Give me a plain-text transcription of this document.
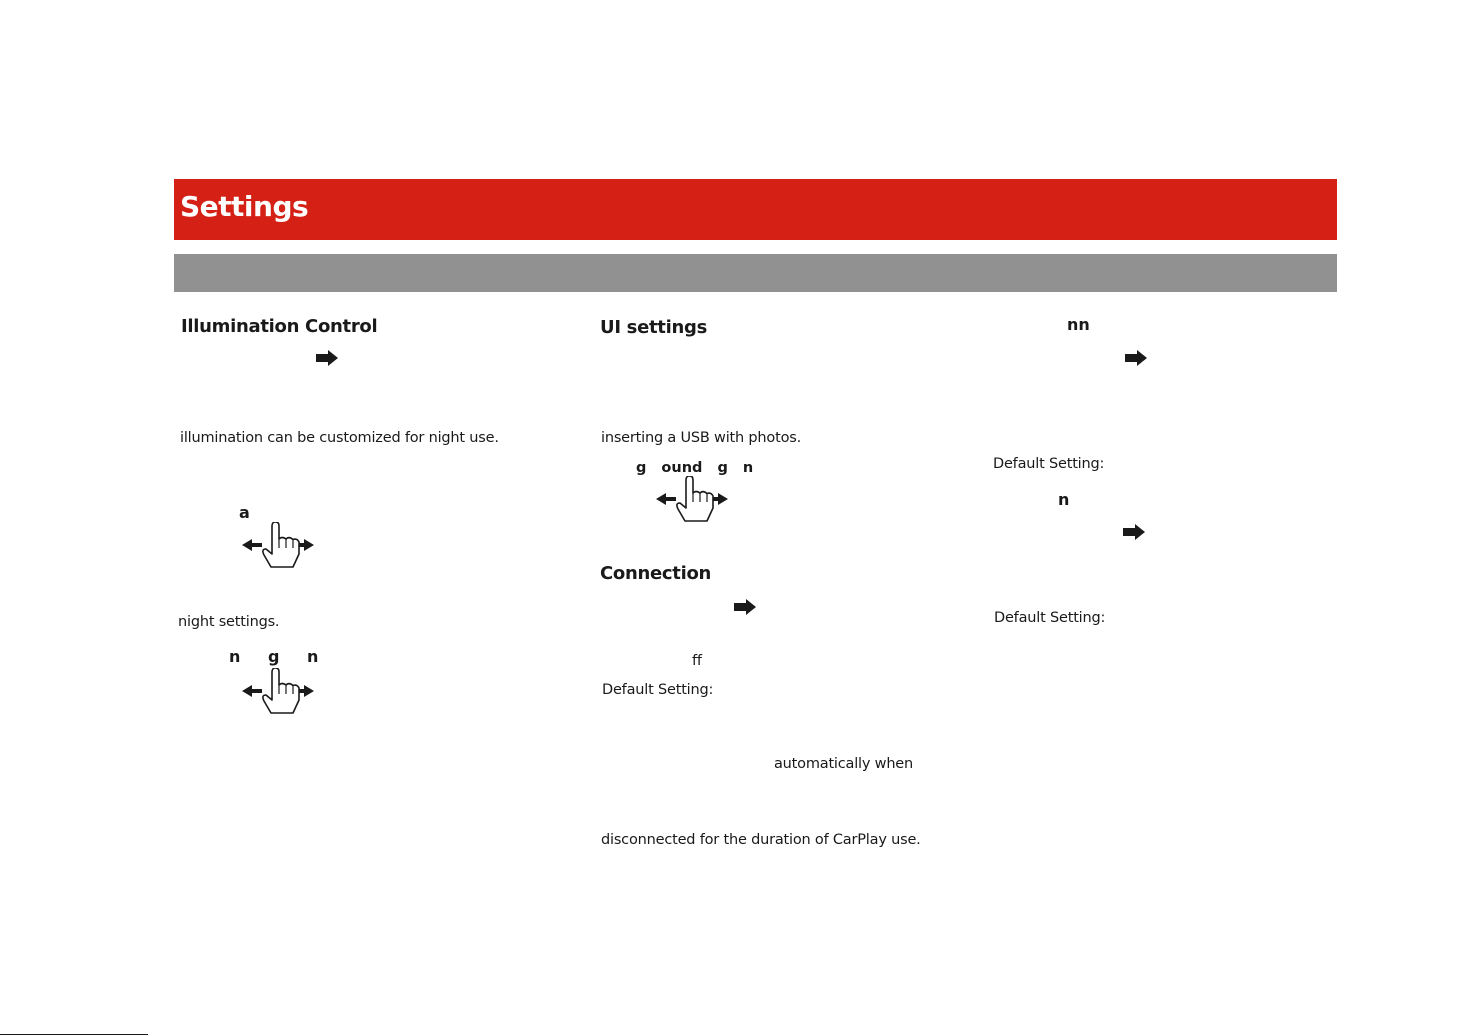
Settings
Illumination Control
illumination can be customized for night use.
a
night settings.
n g n
UI settings
inserting a USB with photos.
g ound g n
Connection
ff
Default Setting:
automatically when
disconnected for the duration of CarPlay use.
nn
Default Setting:
n
Default Setting:
